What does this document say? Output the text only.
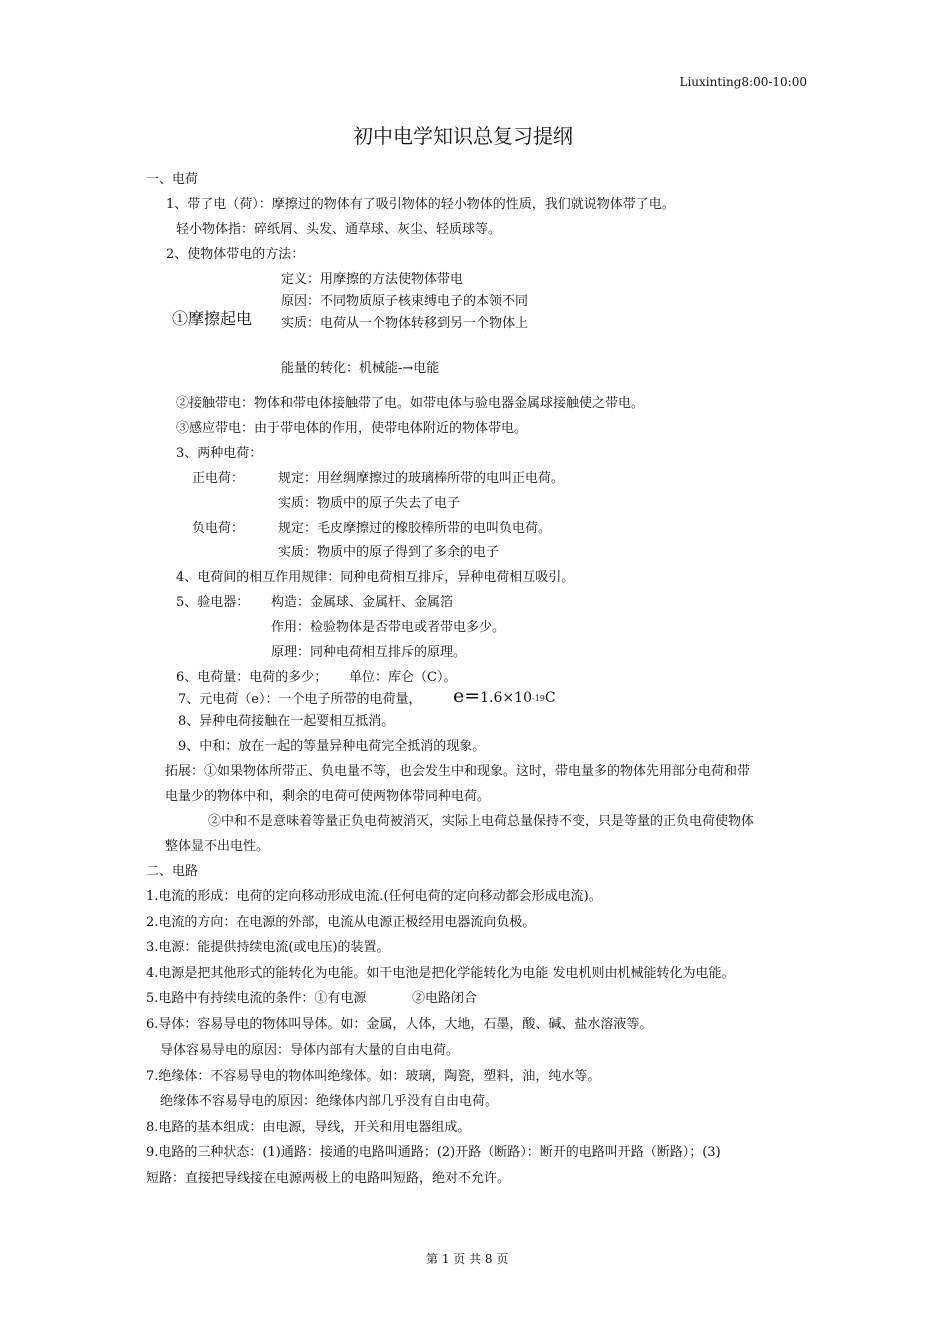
Liuxinting8:00-10:00
初中电学知识总复习提纲
一、电荷
1、带了电（荷）：摩擦过的物体有了吸引物体的轻小物体的性质，我们就说物体带了电。
轻小物体指：碎纸屑、头发、通草球、灰尘、轻质球等。
2、使物体带电的方法：
①摩擦起电
定义：用摩擦的方法使物体带电
原因：不同物质原子核束缚电子的本领不同
实质：电荷从一个物体转移到另一个物体上
能量的转化：机械能-→电能
②接触带电：物体和带电体接触带了电。如带电体与验电器金属球接触使之带电。
③感应带电：由于带电体的作用，使带电体附近的物体带电。
3、两种电荷：
正电荷：	规定：用丝绸摩擦过的玻璃棒所带的电叫正电荷。
实质：物质中的原子失去了电子
负电荷：	规定：毛皮摩擦过的橡胶棒所带的电叫负电荷。
实质：物质中的原子得到了多余的电子
4、电荷间的相互作用规律：同种电荷相互排斥，异种电荷相互吸引。
5、验电器： 构造：金属球、金属杆、金属箔
作用：检验物体是否带电或者带电多少。
原理：同种电荷相互排斥的原理。
6、电荷量：电荷的多少； 单位：库仑（C）。
7、元电荷（e）：一个电子所带的电荷量， e=1.6×10-19C
8、异种电荷接触在一起要相互抵消。
9、中和：放在一起的等量异种电荷完全抵消的现象。
拓展：①如果物体所带正、负电量不等，也会发生中和现象。这时，带电量多的物体先用部分电荷和带
电量少的物体中和，剩余的电荷可使两物体带同种电荷。
②中和不是意味着等量正负电荷被消灭，实际上电荷总量保持不变，只是等量的正负电荷使物体
整体显不出电性。
二、电路
1.电流的形成：电荷的定向移动形成电流.(任何电荷的定向移动都会形成电流)。
2.电流的方向：在电源的外部，电流从电源正极经用电器流向负极。
3.电源：能提供持续电流(或电压)的装置。
4.电源是把其他形式的能转化为电能。如干电池是把化学能转化为电能 发电机则由机械能转化为电能。
5.电路中有持续电流的条件：①有电源	②电路闭合
6.导体：容易导电的物体叫导体。如：金属，人体，大地，石墨，酸、碱、盐水溶液等。
导体容易导电的原因：导体内部有大量的自由电荷。
7.绝缘体：不容易导电的物体叫绝缘体。如：玻璃，陶瓷，塑料，油，纯水等。
绝缘体不容易导电的原因：绝缘体内部几乎没有自由电荷。
8.电路的基本组成：由电源，导线，开关和用电器组成。
9.电路的三种状态：(1)通路：接通的电路叫通路；(2)开路（断路）：断开的电路叫开路（断路）；(3)
短路：直接把导线接在电源两极上的电路叫短路，绝对不允许。
第 1 页 共 8 页
